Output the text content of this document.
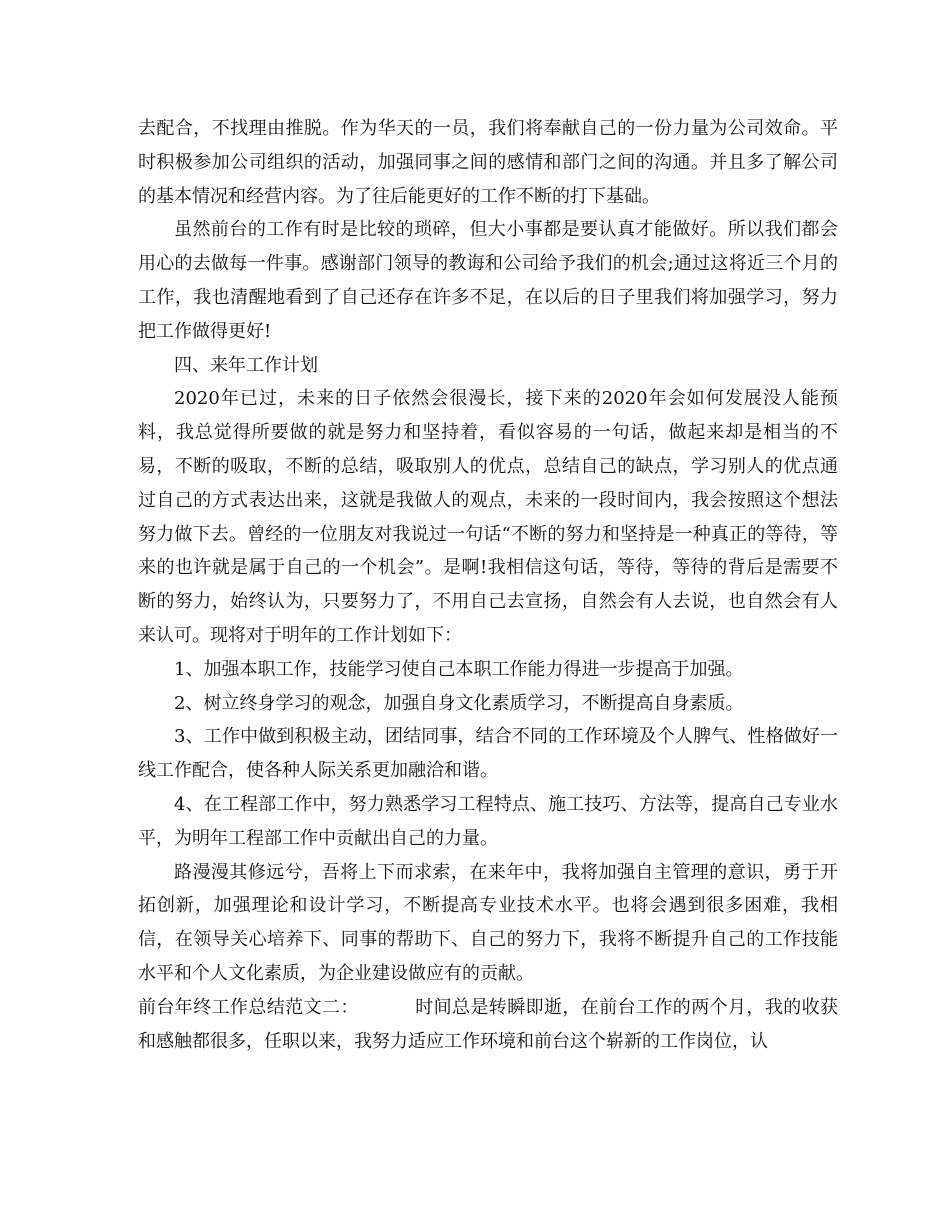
去配合，不找理由推脱。作为华天的一员，我们将奉献自己的一份力量为公司效命。平时积极参加公司组织的活动，加强同事之间的感情和部门之间的沟通。并且多了解公司的基本情况和经营内容。为了往后能更好的工作不断的打下基础。

虽然前台的工作有时是比较的琐碎，但大小事都是要认真才能做好。所以我们都会用心的去做每一件事。感谢部门领导的教诲和公司给予我们的机会;通过这将近三个月的工作，我也清醒地看到了自己还存在许多不足，在以后的日子里我们将加强学习，努力把工作做得更好!

四、来年工作计划

2020年已过，未来的日子依然会很漫长，接下来的2020年会如何发展没人能预料，我总觉得所要做的就是努力和坚持着，看似容易的一句话，做起来却是相当的不易，不断的吸取，不断的总结，吸取别人的优点，总结自己的缺点，学习别人的优点通过自己的方式表达出来，这就是我做人的观点，未来的一段时间内，我会按照这个想法努力做下去。曾经的一位朋友对我说过一句话“不断的努力和坚持是一种真正的等待，等来的也许就是属于自己的一个机会”。是啊!我相信这句话，等待，等待的背后是需要不断的努力，始终认为，只要努力了，不用自己去宣扬，自然会有人去说，也自然会有人来认可。现将对于明年的工作计划如下：

1、加强本职工作，技能学习使自己本职工作能力得进一步提高于加强。

2、树立终身学习的观念，加强自身文化素质学习，不断提高自身素质。

3、工作中做到积极主动，团结同事，结合不同的工作环境及个人脾气、性格做好一线工作配合，使各种人际关系更加融洽和谐。

4、在工程部工作中，努力熟悉学习工程特点、施工技巧、方法等，提高自己专业水平，为明年工程部工作中贡献出自己的力量。

路漫漫其修远兮，吾将上下而求索，在来年中，我将加强自主管理的意识，勇于开拓创新，加强理论和设计学习，不断提高专业技术水平。也将会遇到很多困难，我相信，在领导关心培养下、同事的帮助下、自己的努力下，我将不断提升自己的工作技能水平和个人文化素质，为企业建设做应有的贡献。

前台年终工作总结范文二：	时间总是转瞬即逝，在前台工作的两个月，我的收获和感触都很多，任职以来，我努力适应工作环境和前台这个崭新的工作岗位，认
